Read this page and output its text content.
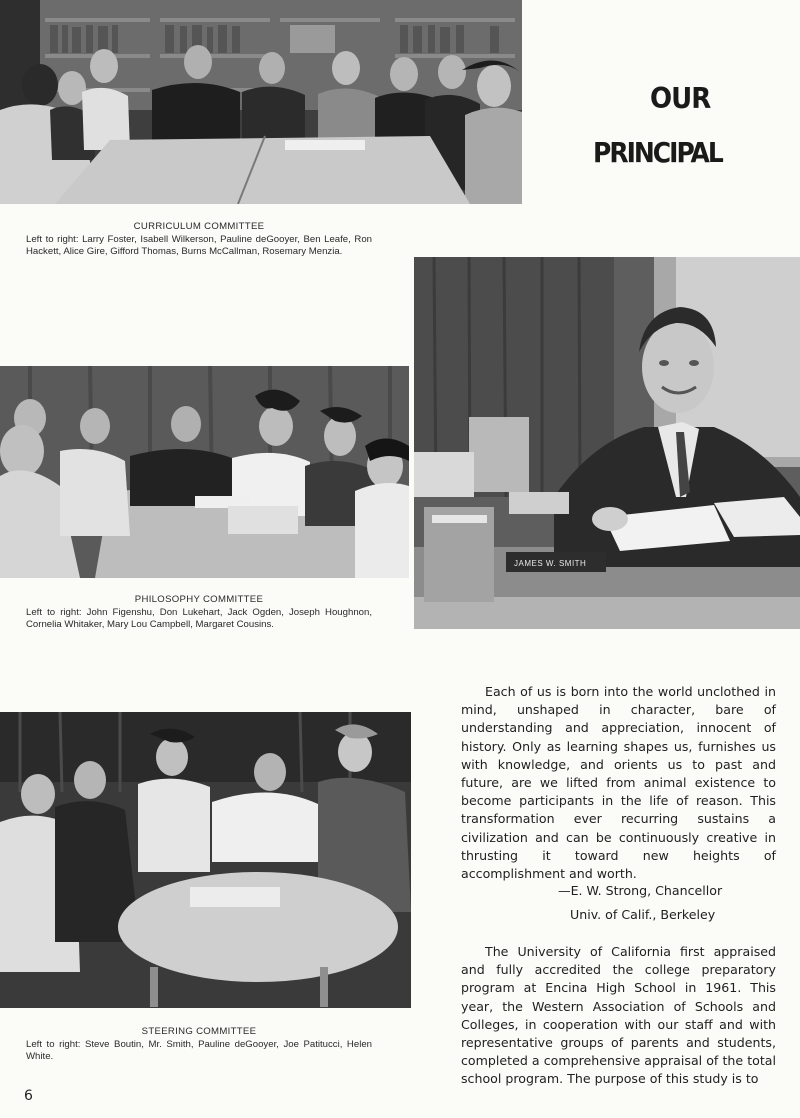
OUR
PRINCIPAL
CURRICULUM COMMITTEE
Left to right: Larry Foster, Isabell Wilkerson, Pauline deGooyer, Ben Leafe, Ron Hackett, Alice Gire, Gifford Thomas, Burns McCallman, Rosemary Menzia.
JAMES W. SMITH
PHILOSOPHY COMMITTEE
Left to right: John Figenshu, Don Lukehart, Jack Ogden, Joseph Houghnon, Cornelia Whitaker, Mary Lou Campbell, Margaret Cousins.

Each of us is born into the world unclothed in mind, unshaped in character, bare of understanding and appreciation, innocent of history. Only as learning shapes us, furnishes us with knowledge, and orients us to past and future, are we lifted from animal existence to become participants in the life of reason. This transformation ever recurring sustains a civilization and can be continuously creative in thrusting it toward new heights of accomplishment and worth.

—E. W. Strong, Chancellor
Univ. of Calif., Berkeley
STEERING COMMITTEE
Left to right: Steve Boutin, Mr. Smith, Pauline deGooyer, Joe Patitucci, Helen White.

The University of California first appraised and fully accredited the college preparatory program at Encina High School in 1961. This year, the Western Association of Schools and Colleges, in cooperation with our staff and with representative groups of parents and students, completed a comprehensive appraisal of the total school program. The purpose of this study is to

6
